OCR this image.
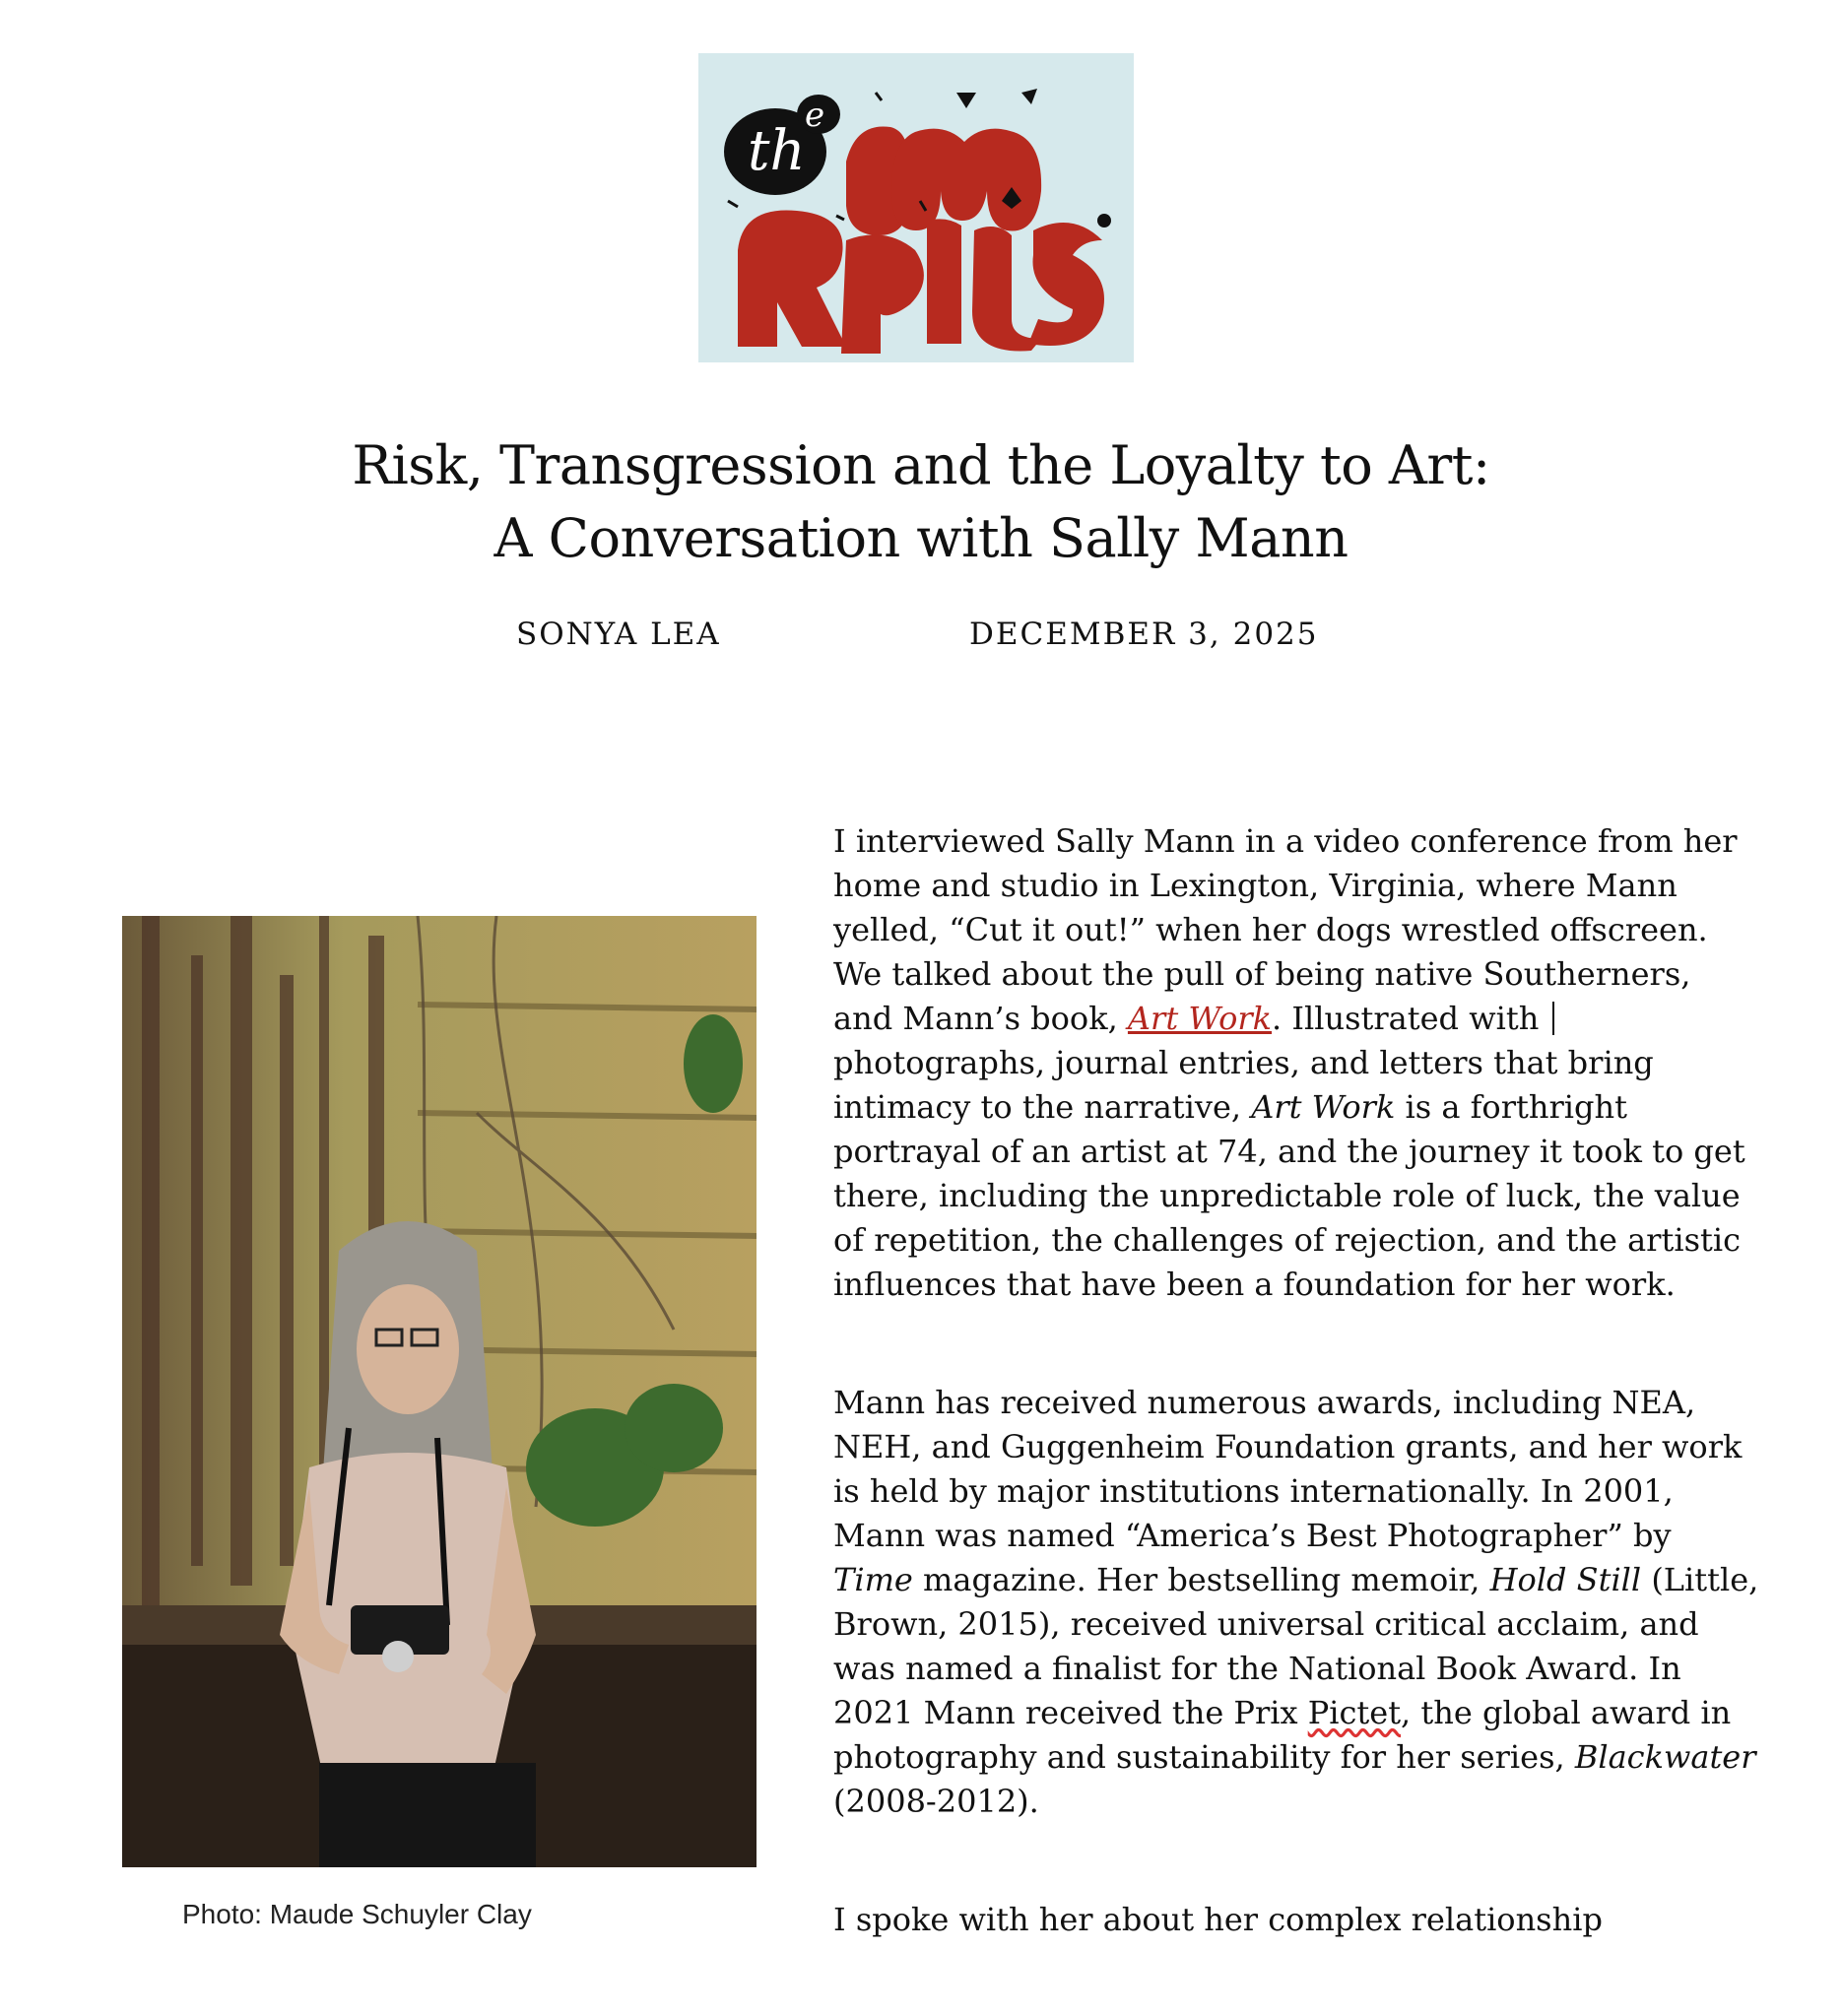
th
e
Risk, Transgression and the Loyalty to Art:
A Conversation with Sally Mann
SONYA LEA	DECEMBER 3, 2025
Photo: Maude Schuyler Clay

I interviewed Sally Mann in a video conference from her home and studio in Lexington, Virginia, where Mann yelled, “Cut it out!” when her dogs wrestled offscreen. We talked about the pull of being native Southerners, and Mann’s book, Art Work. Illustrated with  photographs, journal entries, and letters that bring intimacy to the narrative, Art Work is a forthright portrayal of an artist at 74, and the journey it took to get there, including the unpredictable role of luck, the value of repetition, the challenges of rejection, and the artistic influences that have been a foundation for her work.

Mann has received numerous awards, including NEA, NEH, and Guggenheim Foundation grants, and her work is held by major institutions internationally. In 2001, Mann was named “America’s Best Photographer” by Time magazine. Her bestselling memoir, Hold Still (Little, Brown, 2015), received universal critical acclaim, and was named a finalist for the National Book Award. In 2021 Mann received the Prix Pictet, the global award in photography and sustainability for her series, Blackwater (2008-2012).

I spoke with her about her complex relationship
